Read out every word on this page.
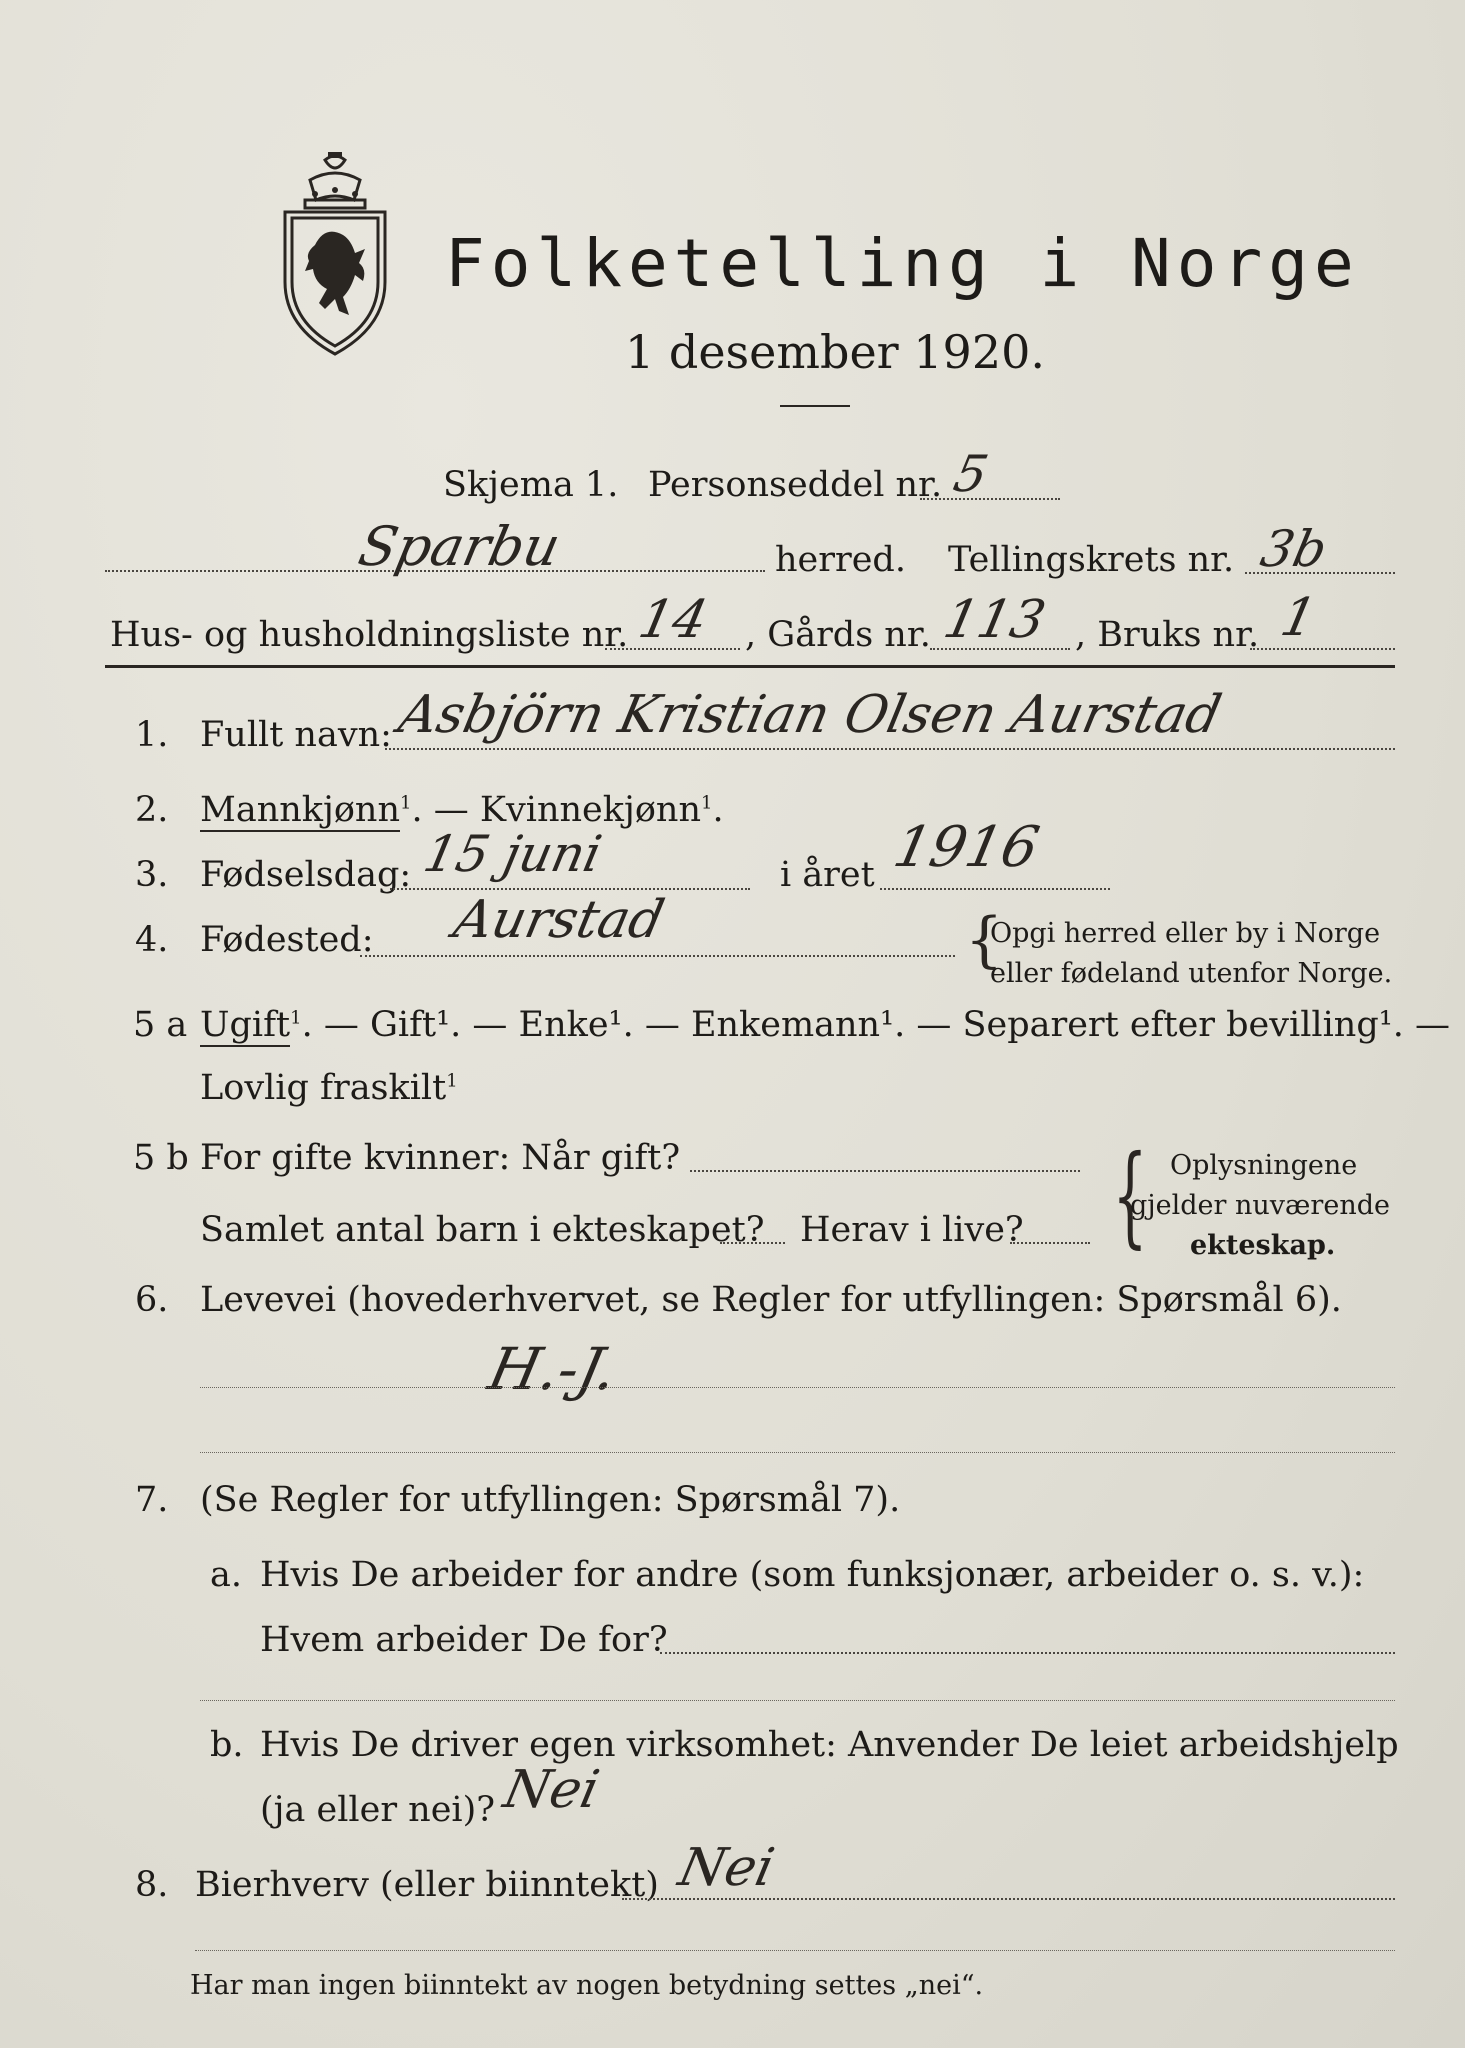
Folketelling i Norge
1 desember 1920.
Skjema 1. Personseddel nr. 5
Sparbu	herred. Tellingskrets nr. 3b
Hus- og husholdningsliste nr. 14 , Gårds nr. 113 , Bruks nr. 1
1. Fullt navn: Asbjörn Kristian Olsen Aurstad
2. Mannkjønn$^1$. — Kvinnekjønn$^1$.
3. Fødselsdag: 15 juni	i året 1916
4. Fødested: Aurstad	{
Opgi herred eller by i Norge
eller fødeland utenfor Norge.
5 a Ugift$^1$. — Gift¹. — Enke¹. — Enkemann¹. — Separert efter bevilling¹. —
Lovlig fraskilt$^1$
5 b For gifte kvinner: Når gift?
Samlet antal barn i ekteskapet? Herav i live? { Oplysningene
gjelder nuværende
ekteskap.
6. Levevei (hovederhvervet, se Regler for utfyllingen: Spørsmål 6).
H.-J.
7. (Se Regler for utfyllingen: Spørsmål 7).
a. Hvis De arbeider for andre (som funksjonær, arbeider o. s. v.):
Hvem arbeider De for?
b. Hvis De driver egen virksomhet: Anvender De leiet arbeidshjelp
(ja eller nei)? Nei
8. Bierhverv (eller biinntekt) Nei
Har man ingen biinntekt av nogen betydning settes „nei“.
